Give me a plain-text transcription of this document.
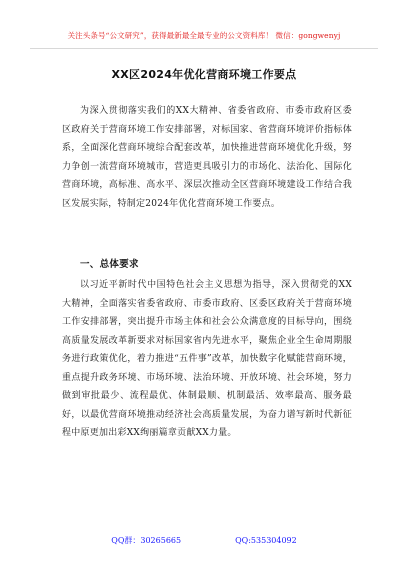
关注头条号“公文研究”，获得最新最全最专业的公文资料库！ 微信：gongwenyj
XX区2024年优化营商环境工作要点

为深入贯彻落实我们的XX大精神、省委省政府、市委市政府区委区政府关于营商环境工作安排部署，对标国家、省营商环境评价指标体系，全面深化营商环境综合配套改革，加快推进营商环境优化升级，努力争创一流营商环境城市，营造更具吸引力的市场化、法治化、国际化营商环境，高标准、高水平、深层次推动全区营商环境建设工作结合我区发展实际，特制定2024年优化营商环境工作要点。

一、总体要求

以习近平新时代中国特色社会主义思想为指导，深入贯彻党的XX大精神，全面落实省委省政府、市委市政府、区委区政府关于营商环境工作安排部署，突出提升市场主体和社会公众满意度的目标导向，围绕高质量发展改革新要求对标国家省内先进水平，聚焦企业全生命周期服务进行政策优化，着力推进“五件事”改革，加快数字化赋能营商环境，重点提升政务环境、市场环境、法治环境、开放环境、社会环境，努力做到审批最少、流程最优、体制最顺、机制最活、效率最高、服务最好，以最优营商环境推动经济社会高质量发展，为奋力谱写新时代新征程中原更加出彩XX绚丽篇章贡献XX力量。

QQ群：30265665	QQ:535304092
